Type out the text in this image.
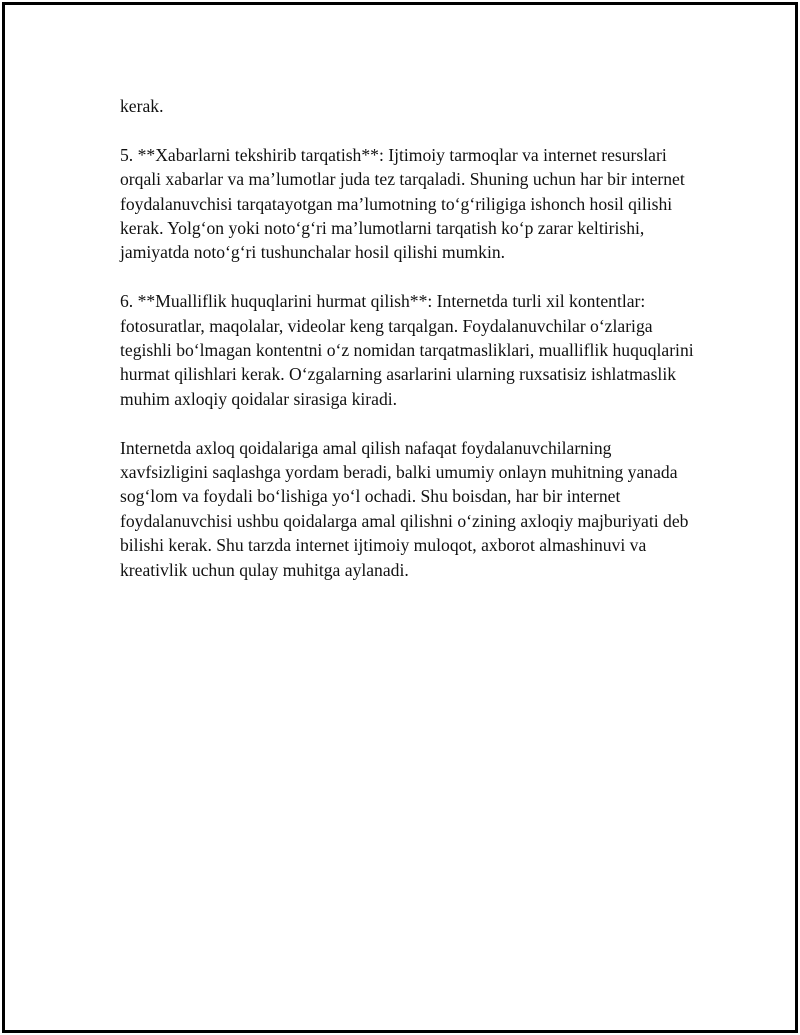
kerak.

5. **Xabarlarni tekshirib tarqatish**: Ijtimoiy tarmoqlar va internet resurslari orqali xabarlar va ma’lumotlar juda tez tarqaladi. Shuning uchun har bir internet foydalanuvchisi tarqatayotgan ma’lumotning to‘g‘riligiga ishonch hosil qilishi kerak. Yolg‘on yoki noto‘g‘ri ma’lumotlarni tarqatish ko‘p zarar keltirishi, jamiyatda noto‘g‘ri tushunchalar hosil qilishi mumkin.

6. **Mualliflik huquqlarini hurmat qilish**: Internetda turli xil kontentlar: fotosuratlar, maqolalar, videolar keng tarqalgan. Foydalanuvchilar o‘zlariga tegishli bo‘lmagan kontentni o‘z nomidan tarqatmasliklari, mualliflik huquqlarini hurmat qilishlari kerak. O‘zgalarning asarlarini ularning ruxsatisiz ishlatmaslik muhim axloqiy qoidalar sirasiga kiradi.

Internetda axloq qoidalariga amal qilish nafaqat foydalanuvchilarning xavfsizligini saqlashga yordam beradi, balki umumiy onlayn muhitning yanada sog‘lom va foydali bo‘lishiga yo‘l ochadi. Shu boisdan, har bir internet foydalanuvchisi ushbu qoidalarga amal qilishni o‘zining axloqiy majburiyati deb bilishi kerak. Shu tarzda internet ijtimoiy muloqot, axborot almashinuvi va kreativlik uchun qulay muhitga aylanadi.
